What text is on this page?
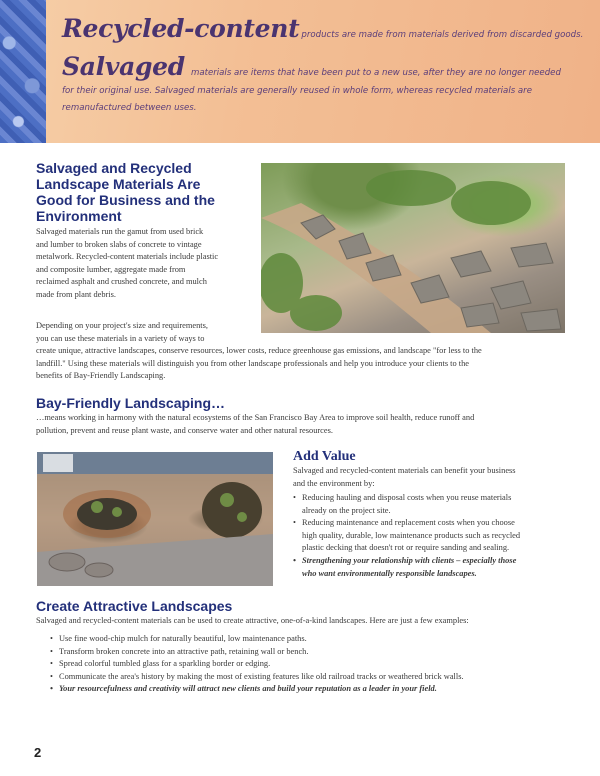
Recycled-content products are made from materials derived from discarded goods.
Salvaged materials are items that have been put to a new use, after they are no longer needed
for their original use. Salvaged materials are generally reused in whole form, whereas recycled materials are
remanufactured between uses.
Salvaged and Recycled
Landscape Materials Are
Good for Business and the
Environment
Salvaged materials run the gamut from used brick
and lumber to broken slabs of concrete to vintage
metalwork. Recycled-content materials include plastic
and composite lumber, aggregate made from
reclaimed asphalt and crushed concrete, and mulch
made from plant debris.
Depending on your project's size and requirements,
you can use these materials in a variety of ways to
create unique, attractive landscapes, conserve resources, lower costs, reduce greenhouse gas emissions, and landscape "for less to the
landfill." Using these materials will distinguish you from other landscape professionals and help you introduce your clients to the
benefits of Bay-Friendly Landscaping.
Bay-Friendly Landscaping…
…means working in harmony with the natural ecosystems of the San Francisco Bay Area to improve soil health, reduce runoff and
pollution, prevent and reuse plant waste, and conserve water and other natural resources.
Add Value
Salvaged and recycled-content materials can benefit your business
and the environment by:
• Reducing hauling and disposal costs when you reuse materials
already on the project site.
• Reducing maintenance and replacement costs when you choose
high quality, durable, low maintenance products such as recycled
plastic decking that doesn't rot or require sanding and sealing.
• Strengthening your relationship with clients – especially those
who want environmentally responsible landscapes.
Create Attractive Landscapes
Salvaged and recycled-content materials can be used to create attractive, one-of-a-kind landscapes. Here are just a few examples:
• Use fine wood-chip mulch for naturally beautiful, low maintenance paths.
• Transform broken concrete into an attractive path, retaining wall or bench.
• Spread colorful tumbled glass for a sparkling border or edging.
• Communicate the area's history by making the most of existing features like old railroad tracks or weathered brick walls.
• Your resourcefulness and creativity will attract new clients and build your reputation as a leader in your field.
2
